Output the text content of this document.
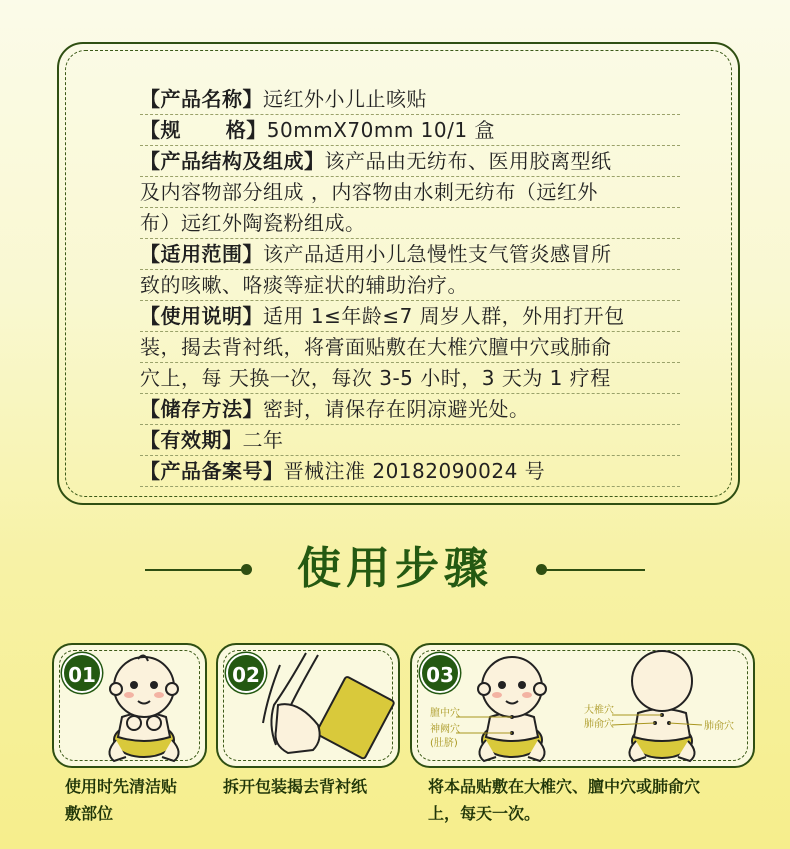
【产品名称】远红外小儿止咳贴
【规      格】50mmX70mm 10/1 盒
【产品结构及组成】该产品由无纺布、医用胶离型纸
及内容物部分组成 ，内容物由水刺无纺布（远红外
布）远红外陶瓷粉组成。
【适用范围】该产品适用小儿急慢性支气管炎感冒所
致的咳嗽、咯痰等症状的辅助治疗。
【使用说明】适用 1≤年龄≤7 周岁人群，外用打开包
装，揭去背衬纸，将膏面贴敷在大椎穴膻中穴或肺俞
穴上，每 天换一次，每次 3-5 小时，3 天为 1 疗程
【储存方法】密封，请保存在阴凉避光处。
【有效期】二年
【产品备案号】晋械注准 20182090024 号
使用步骤
01	02	03
膻中穴
神阙穴
(肚脐)
大椎穴
肺俞穴	肺俞穴
使用时先清洁贴
敷部位
拆开包装揭去背衬纸	将本品贴敷在大椎穴、膻中穴或肺俞穴
上，每天一次。
